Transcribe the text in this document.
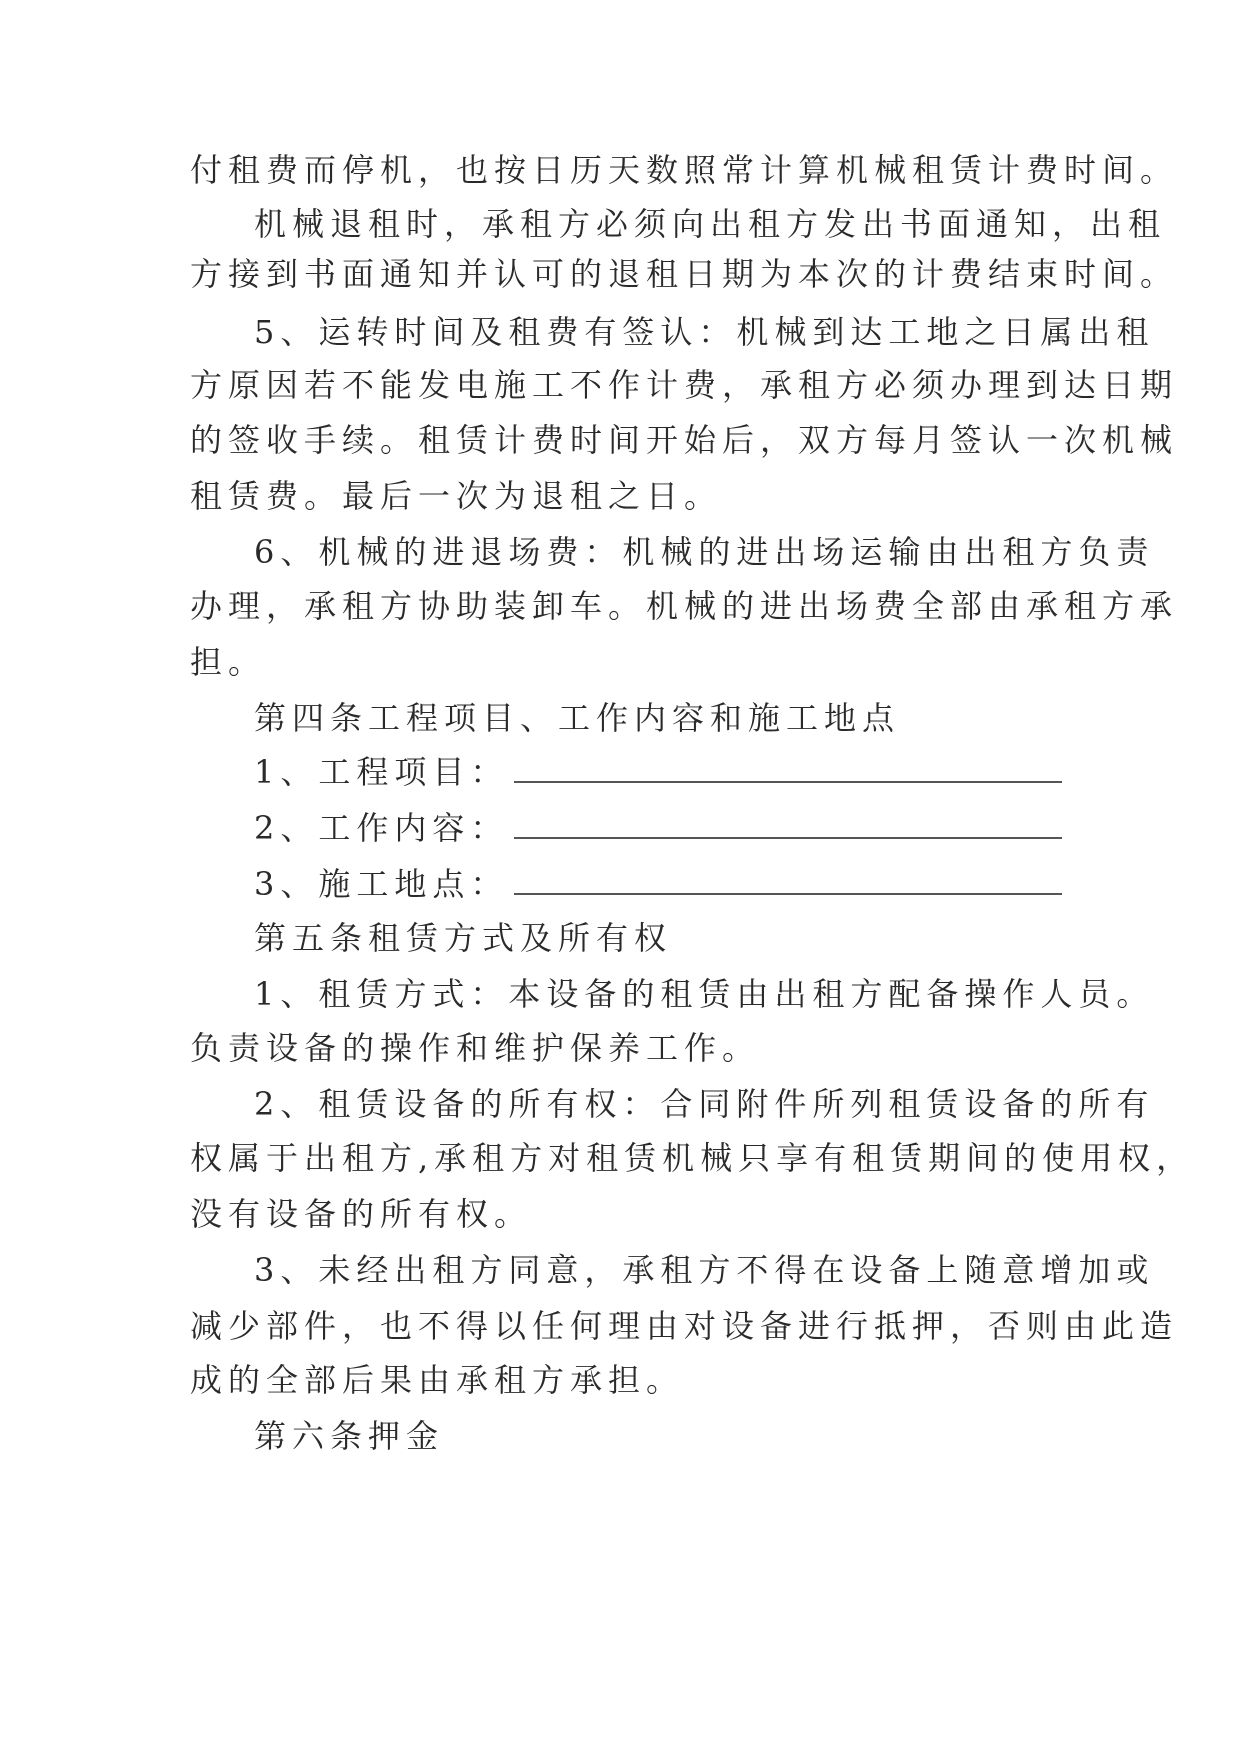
付租费而停机，也按日历天数照常计算机械租赁计费时间。
机械退租时，承租方必须向出租方发出书面通知，出租
方接到书面通知并认可的退租日期为本次的计费结束时间。
5、运转时间及租费有签认：机械到达工地之日属出租
方原因若不能发电施工不作计费，承租方必须办理到达日期
的签收手续。租赁计费时间开始后，双方每月签认一次机械
租赁费。最后一次为退租之日。
6、机械的进退场费：机械的进出场运输由出租方负责
办理，承租方协助装卸车。机械的进出场费全部由承租方承
担。
第四条工程项目、工作内容和施工地点
1、工程项目：
2、工作内容：
3、施工地点：
第五条租赁方式及所有权
1、租赁方式：本设备的租赁由出租方配备操作人员。
负责设备的操作和维护保养工作。
2、租赁设备的所有权：合同附件所列租赁设备的所有
权属于出租方,承租方对租赁机械只享有租赁期间的使用权，
没有设备的所有权。
3、未经出租方同意，承租方不得在设备上随意增加或
减少部件，也不得以任何理由对设备进行抵押，否则由此造
成的全部后果由承租方承担。
第六条押金
